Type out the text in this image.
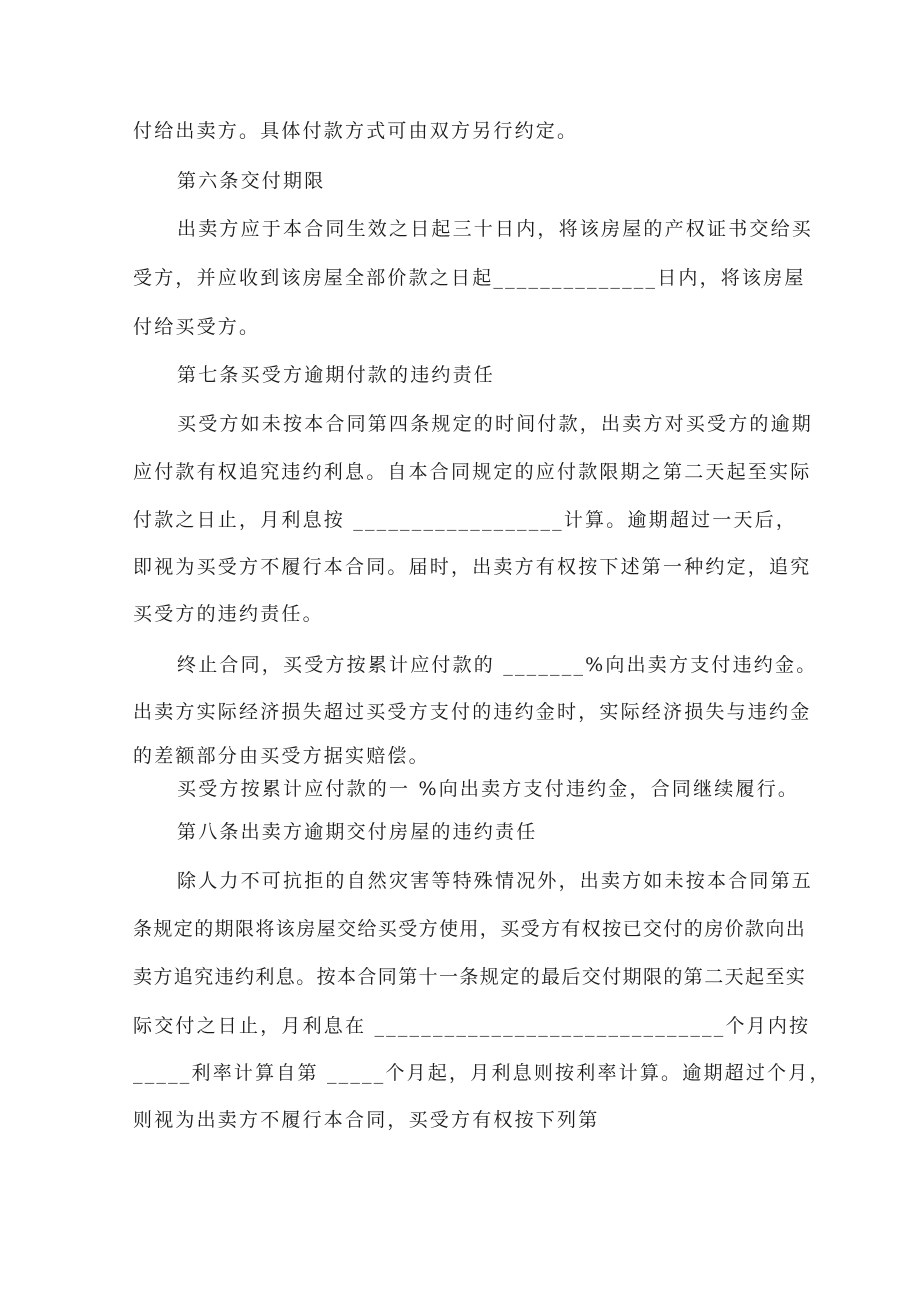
付给出卖方。具体付款方式可由双方另行约定。
第六条交付期限
出卖方应于本合同生效之日起三十日内，将该房屋的产权证书交给买
受方，并应收到该房屋全部价款之日起______________日内，将该房屋
付给买受方。
第七条买受方逾期付款的违约责任
买受方如未按本合同第四条规定的时间付款，出卖方对买受方的逾期
应付款有权追究违约利息。自本合同规定的应付款限期之第二天起至实际
付款之日止，月利息按 __________________计算。逾期超过一天后，
即视为买受方不履行本合同。届时，出卖方有权按下述第一种约定，追究
买受方的违约责任。
终止合同，买受方按累计应付款的 _______%向出卖方支付违约金。
出卖方实际经济损失超过买受方支付的违约金时，实际经济损失与违约金
的差额部分由买受方据实赔偿。
买受方按累计应付款的一 %向出卖方支付违约金，合同继续履行。
第八条出卖方逾期交付房屋的违约责任
除人力不可抗拒的自然灾害等特殊情况外，出卖方如未按本合同第五
条规定的期限将该房屋交给买受方使用，买受方有权按已交付的房价款向出
卖方追究违约利息。按本合同第十一条规定的最后交付期限的第二天起至实
际交付之日止，月利息在 ______________________________个月内按
_____利率计算自第 _____个月起，月利息则按利率计算。逾期超过个月，
则视为出卖方不履行本合同，买受方有权按下列第
